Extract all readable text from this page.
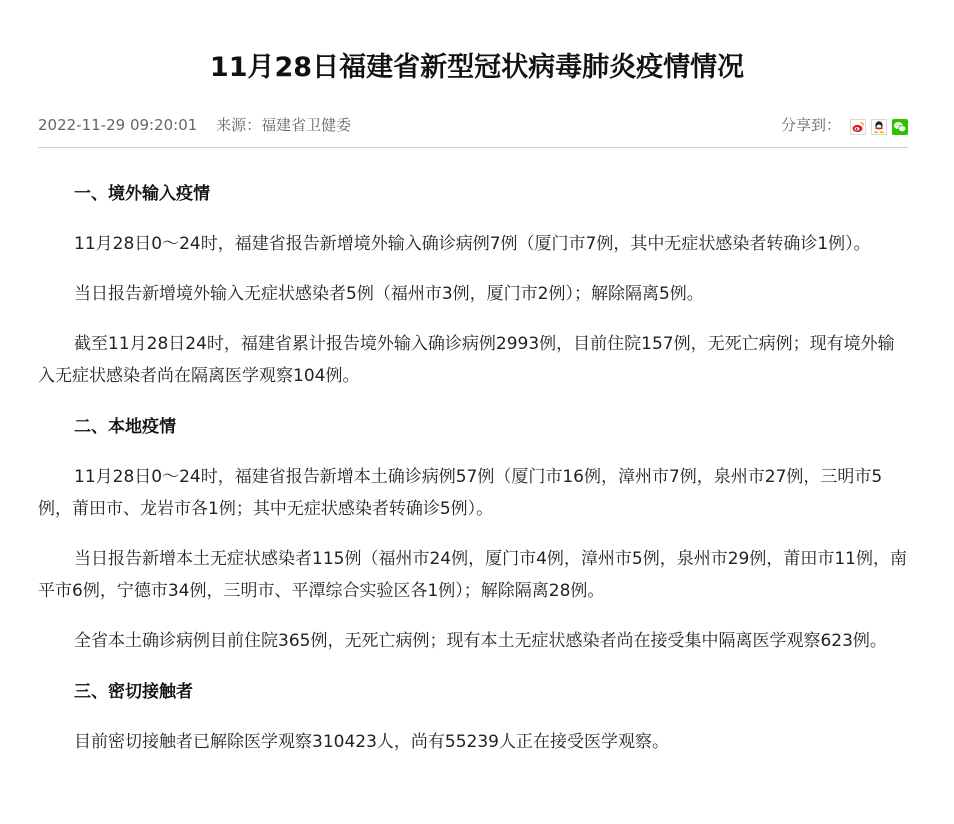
11月28日福建省新型冠状病毒肺炎疫情情况
2022-11-29 09:20:01 来源：福建省卫健委	分享到：
一、境外输入疫情

11月28日0～24时，福建省报告新增境外输入确诊病例7例（厦门市7例，其中无症状感染者转确诊1例）。

当日报告新增境外输入无症状感染者5例（福州市3例，厦门市2例）；解除隔离5例。

截至11月28日24时，福建省累计报告境外输入确诊病例2993例，目前住院157例，无死亡病例；现有境外输入无症状感染者尚在隔离医学观察104例。

二、本地疫情

11月28日0～24时，福建省报告新增本土确诊病例57例（厦门市16例，漳州市7例，泉州市27例，三明市5例，莆田市、龙岩市各1例；其中无症状感染者转确诊5例）。

当日报告新增本土无症状感染者115例（福州市24例，厦门市4例，漳州市5例，泉州市29例，莆田市11例，南平市6例，宁德市34例，三明市、平潭综合实验区各1例）；解除隔离28例。

全省本土确诊病例目前住院365例，无死亡病例；现有本土无症状感染者尚在接受集中隔离医学观察623例。

三、密切接触者

目前密切接触者已解除医学观察310423人，尚有55239人正在接受医学观察。
